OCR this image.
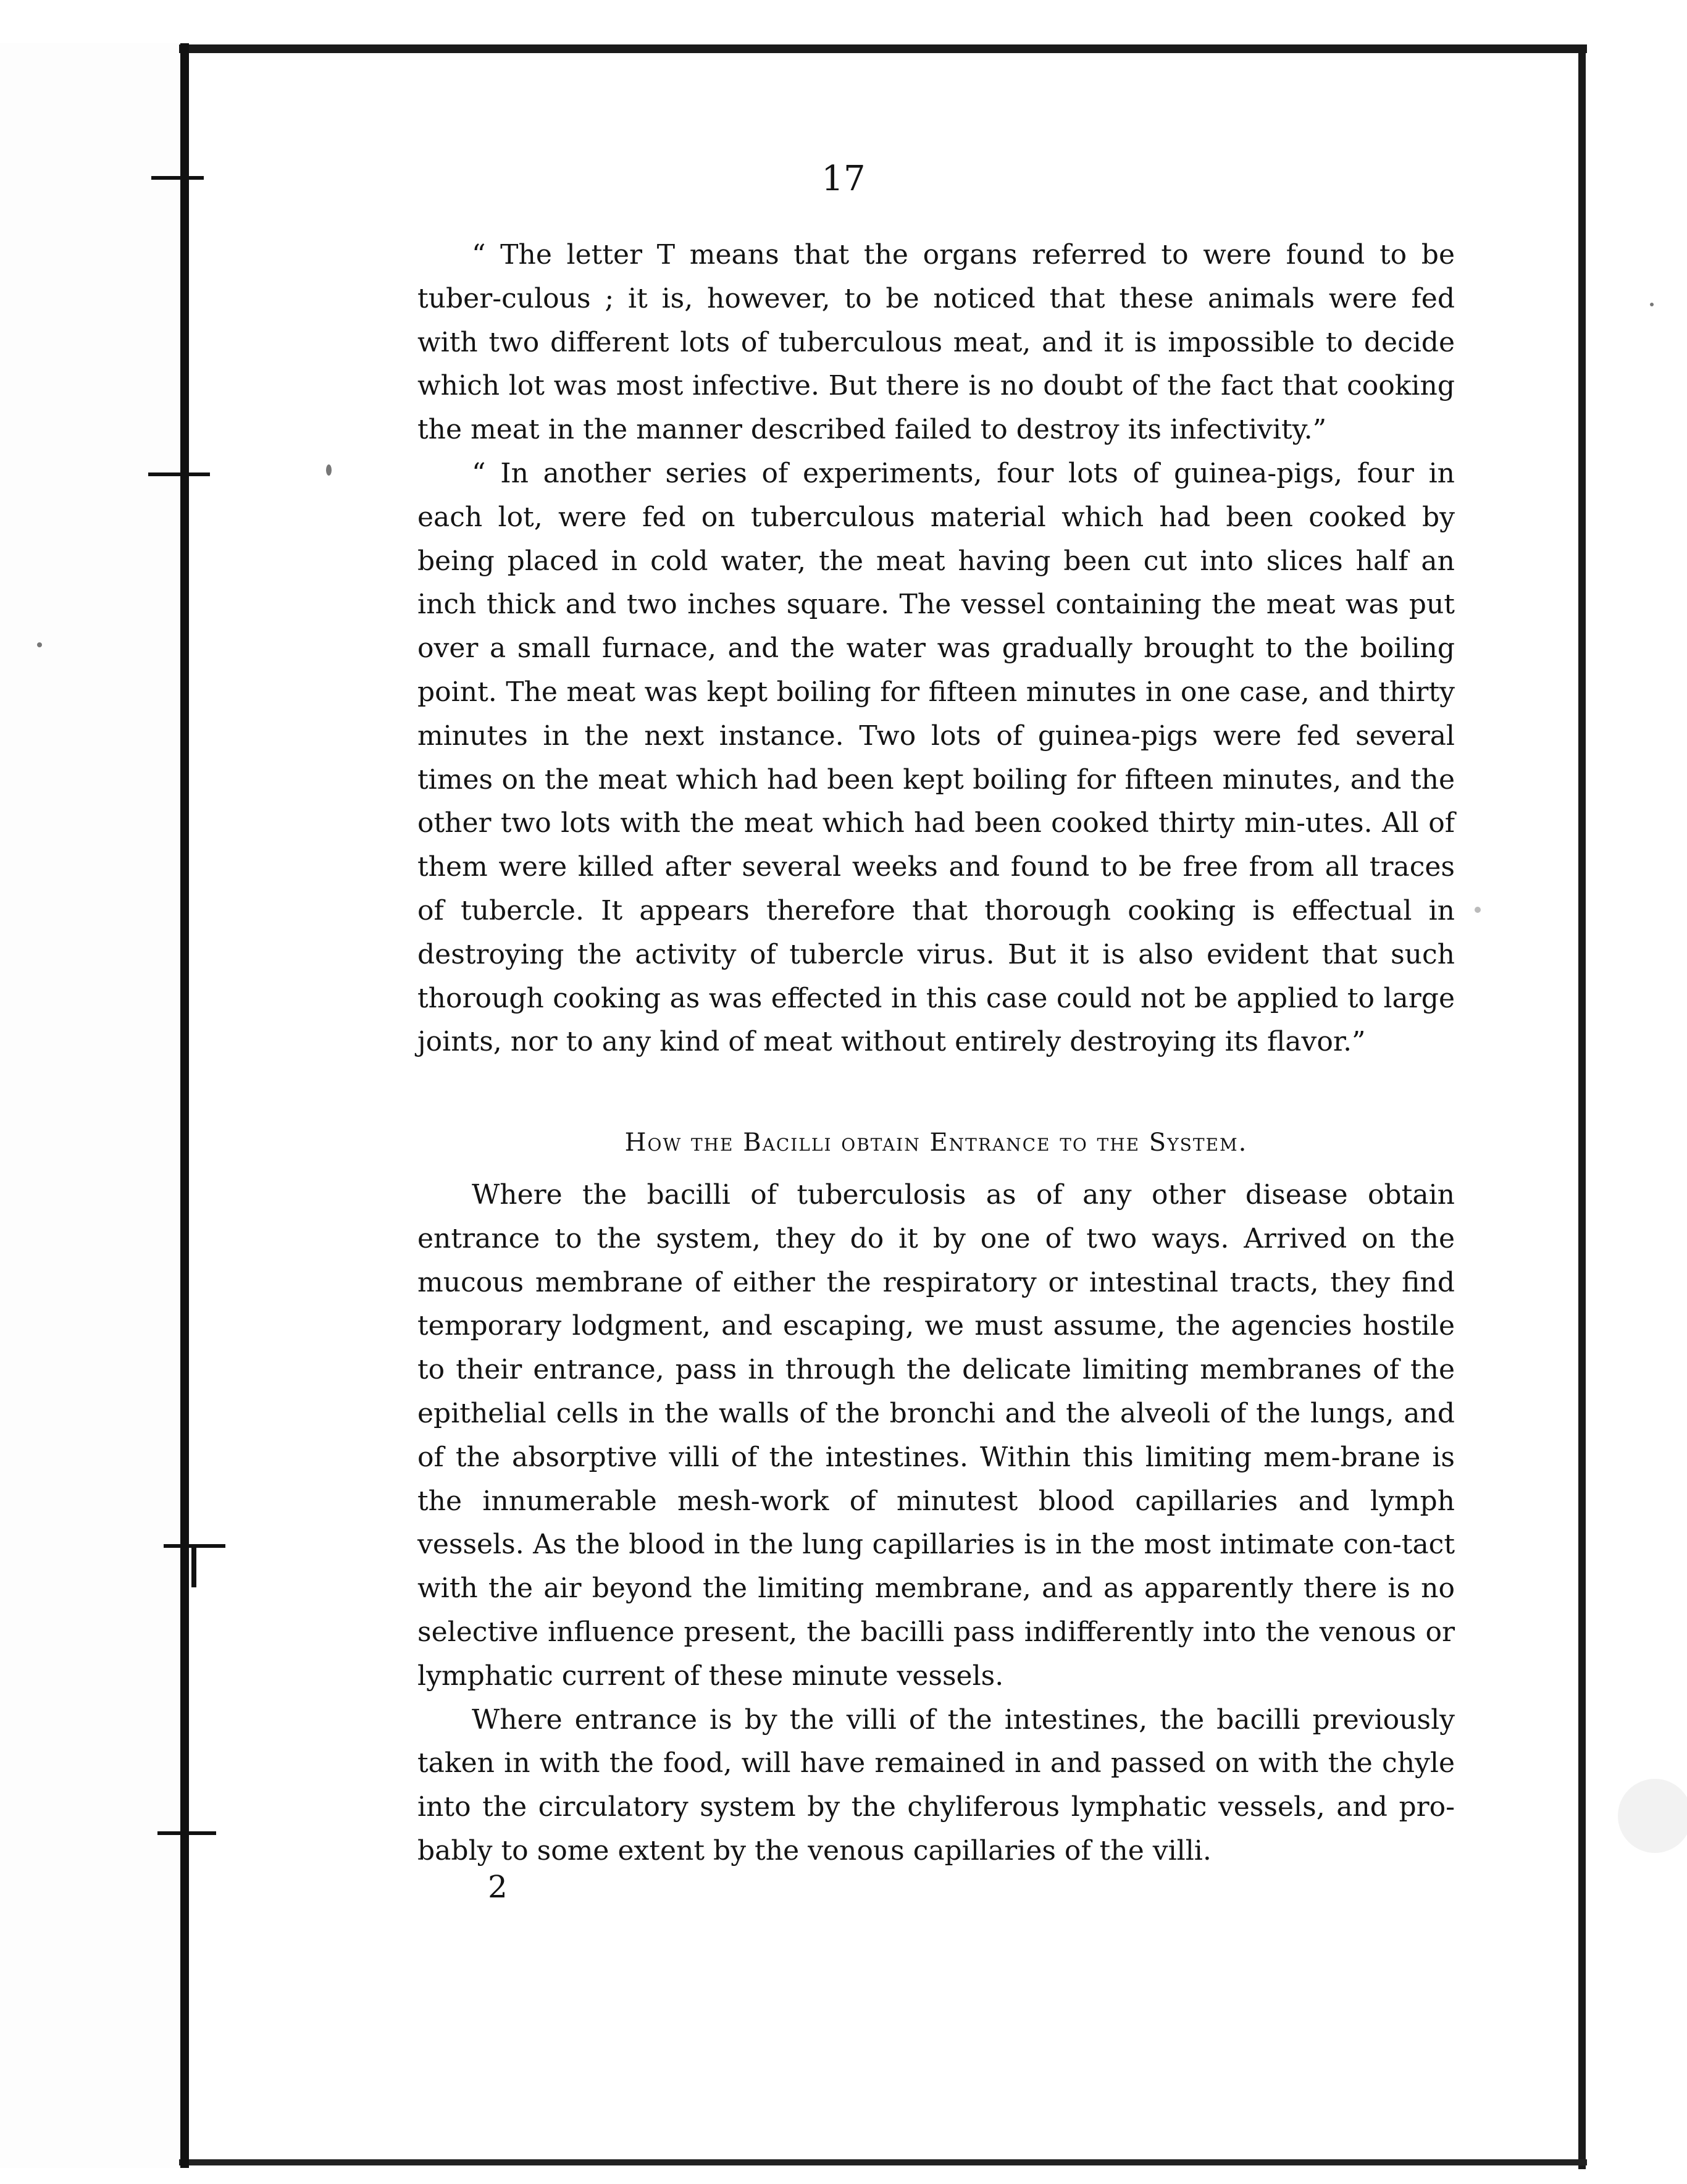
17

“ The letter T means that the organs referred to were found to be tuber-culous ; it is, however, to be noticed that these animals were fed with two different lots of tuberculous meat, and it is impossible to decide which lot was most infective. But there is no doubt of the fact that cooking the meat in the manner described failed to destroy its infectivity.”

“ In another series of experiments, four lots of guinea-pigs, four in each lot, were fed on tuberculous material which had been cooked by being placed in cold water, the meat having been cut into slices half an inch thick and two inches square. The vessel containing the meat was put over a small furnace, and the water was gradually brought to the boiling point. The meat was kept boiling for fifteen minutes in one case, and thirty minutes in the next instance. Two lots of guinea-pigs were fed several times on the meat which had been kept boiling for fifteen minutes, and the other two lots with the meat which had been cooked thirty min-utes. All of them were killed after several weeks and found to be free from all traces of tubercle. It appears therefore that thorough cooking is effectual in destroying the activity of tubercle virus. But it is also evident that such thorough cooking as was effected in this case could not be applied to large joints, nor to any kind of meat without entirely destroying its flavor.”

How the Bacilli obtain Entrance to the System.

Where the bacilli of tuberculosis as of any other disease obtain entrance to the system, they do it by one of two ways. Arrived on the mucous membrane of either the respiratory or intestinal tracts, they find temporary lodgment, and escaping, we must assume, the agencies hostile to their entrance, pass in through the delicate limiting membranes of the epithelial cells in the walls of the bronchi and the alveoli of the lungs, and of the absorptive villi of the intestines. Within this limiting mem-brane is the innumerable mesh-work of minutest blood capillaries and lymph vessels. As the blood in the lung capillaries is in the most intimate con-tact with the air beyond the limiting membrane, and as apparently there is no selective influence present, the bacilli pass indifferently into the venous or lymphatic current of these minute vessels.

Where entrance is by the villi of the intestines, the bacilli previously taken in with the food, will have remained in and passed on with the chyle into the circulatory system by the chyliferous lymphatic vessels, and pro-bably to some extent by the venous capillaries of the villi.

2
